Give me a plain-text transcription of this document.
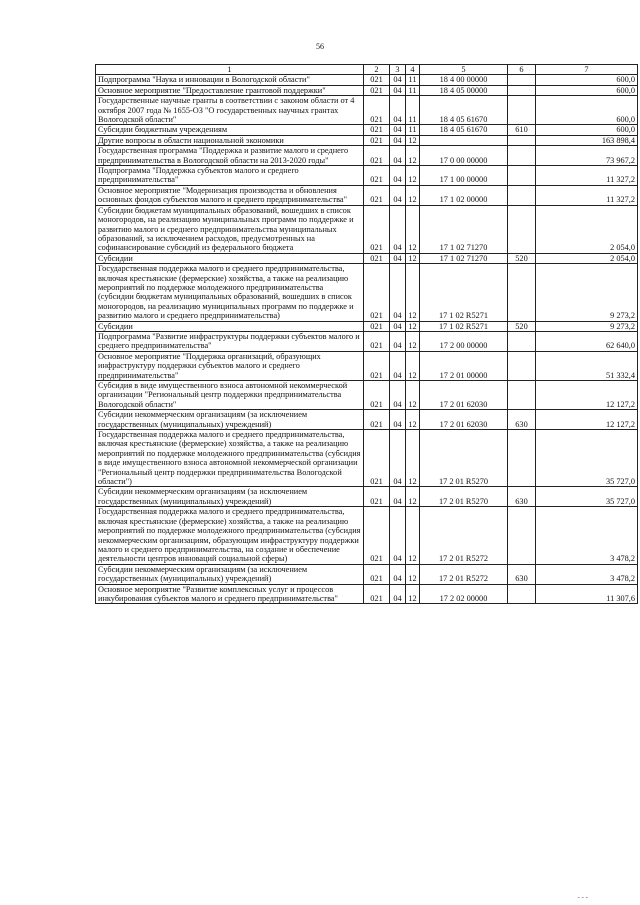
56
1	2	3	4	5	6	7
Подпрограмма "Наука и инновации в Вологодской области"	021	04	11	18 4 00 00000		600,0
Основное мероприятие "Предоставление грантовой поддержки"	021	04	11	18 4 05 00000		600,0
Государственные научные гранты в соответствии с законом области от 4 октября 2007 года № 1655-ОЗ "О государственных научных грантах Вологодской области"	021	04	11	18 4 05 61670		600,0
Субсидии бюджетным учреждениям	021	04	11	18 4 05 61670	610	600,0
Другие вопросы в области национальной экономики	021	04	12			163 898,4
Государственная программа "Поддержка и развитие малого и среднего предпринимательства в Вологодской области на 2013-2020 годы"	021	04	12	17 0 00 00000		73 967,2
Подпрограмма "Поддержка субъектов малого и среднего предпринимательства"	021	04	12	17 1 00 00000		11 327,2
Основное мероприятие "Модернизация производства и обновления основных фондов субъектов малого и среднего предпринимательства"	021	04	12	17 1 02 00000		11 327,2
Субсидии бюджетам муниципальных образований, вошедших в список моногородов, на реализацию муниципальных программ по поддержке и развитию малого и среднего предпринимательства муниципальных образований, за исключением расходов, предусмотренных на софинансирование субсидий из федерального бюджета	021	04	12	17 1 02 71270		2 054,0
Субсидии	021	04	12	17 1 02 71270	520	2 054,0
Государственная поддержка малого и среднего предпринимательства, включая крестьянские (фермерские) хозяйства, а также на реализацию мероприятий по поддержке молодежного предпринимательства (субсидии бюджетам муниципальных образований, вошедших в список моногородов, на реализацию муниципальных программ по поддержке и развитию малого и среднего предпринимательства)	021	04	12	17 1 02 R5271		9 273,2
Субсидии	021	04	12	17 1 02 R5271	520	9 273,2
Подпрограмма "Развитие инфраструктуры поддержки субъектов малого и среднего предпринимательства"	021	04	12	17 2 00 00000		62 640,0
Основное мероприятие "Поддержка организаций, образующих инфраструктуру поддержки субъектов малого и среднего предпринимательства"	021	04	12	17 2 01 00000		51 332,4
Субсидия в виде имущественного взноса автономной некоммерческой организации "Региональный центр поддержки предпринимательства Вологодской области"	021	04	12	17 2 01 62030		12 127,2
Субсидии некоммерческим организациям (за исключением государственных (муниципальных) учреждений)	021	04	12	17 2 01 62030	630	12 127,2
Государственная поддержка малого и среднего предпринимательства, включая крестьянские (фермерские) хозяйства, а также на реализацию мероприятий по поддержке молодежного предпринимательства (субсидия в виде имущественного взноса автономной некоммерческой организации "Региональный центр поддержки предпринимательства Вологодской области")	021	04	12	17 2 01 R5270		35 727,0
Субсидии некоммерческим организациям (за исключением государственных (муниципальных) учреждений)	021	04	12	17 2 01 R5270	630	35 727,0
Государственная поддержка малого и среднего предпринимательства, включая крестьянские (фермерские) хозяйства, а также на реализацию мероприятий по поддержке молодежного предпринимательства (субсидия некоммерческим организациям, образующим инфраструктуру поддержки малого и среднего предпринимательства, на создание и обеспечение деятельности центров инноваций социальной сферы)	021	04	12	17 2 01 R5272		3 478,2
Субсидии некоммерческим организациям (за исключением государственных (муниципальных) учреждений)	021	04	12	17 2 01 R5272	630	3 478,2
Основное мероприятие "Развитие комплексных услуг и процессов инкубирования субъектов малого и среднего предпринимательства"	021	04	12	17 2 02 00000		11 307,6
- - -
